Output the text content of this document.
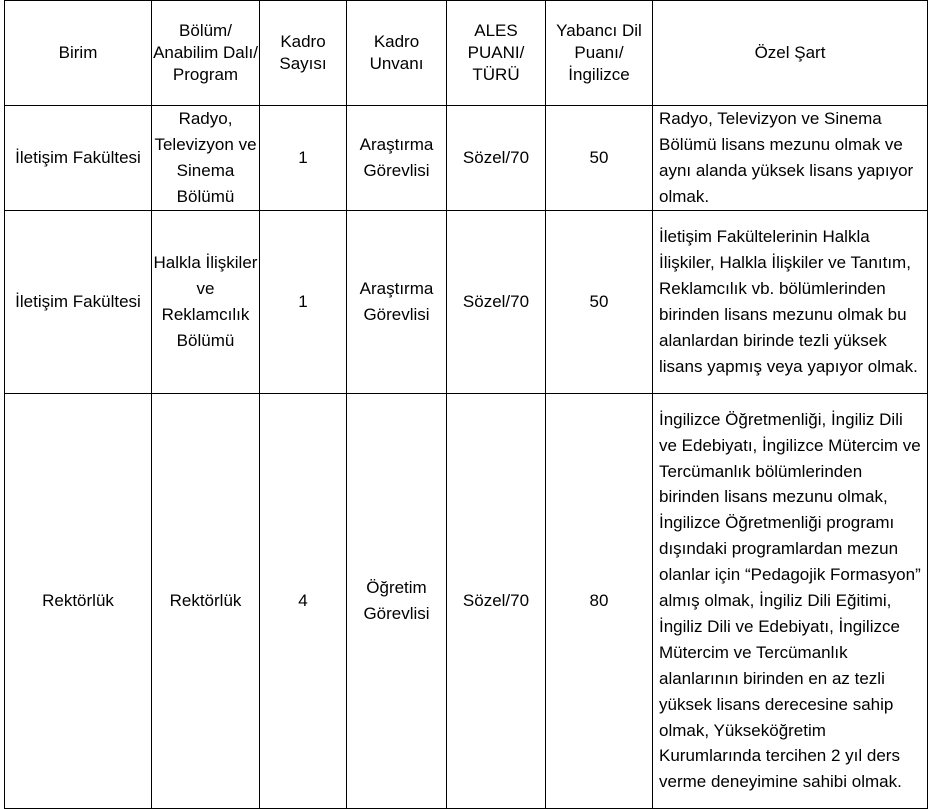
Birim	Bölüm/ Anabilim Dalı/ Program	Kadro Sayısı	Kadro Unvanı	ALES PUANI/ TÜRÜ	Yabancı Dil Puanı/ İngilizce	Özel Şart
İletişim Fakültesi	Radyo, Televizyon ve Sinema Bölümü	1	Araştırma Görevlisi	Sözel/70	50	Radyo, Televizyon ve Sinema Bölümü lisans mezunu olmak ve aynı alanda yüksek lisans yapıyor olmak.
İletişim Fakültesi	Halkla İlişkiler ve Reklamcılık Bölümü	1	Araştırma Görevlisi	Sözel/70	50	İletişim Fakültelerinin Halkla İlişkiler, Halkla İlişkiler ve Tanıtım, Reklamcılık vb. bölümlerinden birinden lisans mezunu olmak bu alanlardan birinde tezli yüksek lisans yapmış veya yapıyor olmak.
Rektörlük	Rektörlük	4	Öğretim Görevlisi	Sözel/70	80	İngilizce Öğretmenliği, İngiliz Dili ve Edebiyatı, İngilizce Mütercim ve Tercümanlık bölümlerinden birinden lisans mezunu olmak, İngilizce Öğretmenliği programı dışındaki programlardan mezun olanlar için “Pedagojik Formasyon” almış olmak, İngiliz Dili Eğitimi, İngiliz Dili ve Edebiyatı, İngilizce Mütercim ve Tercümanlık alanlarının birinden en az tezli yüksek lisans derecesine sahip olmak, Yükseköğretim Kurumlarında tercihen 2 yıl ders verme deneyimine sahibi olmak.
